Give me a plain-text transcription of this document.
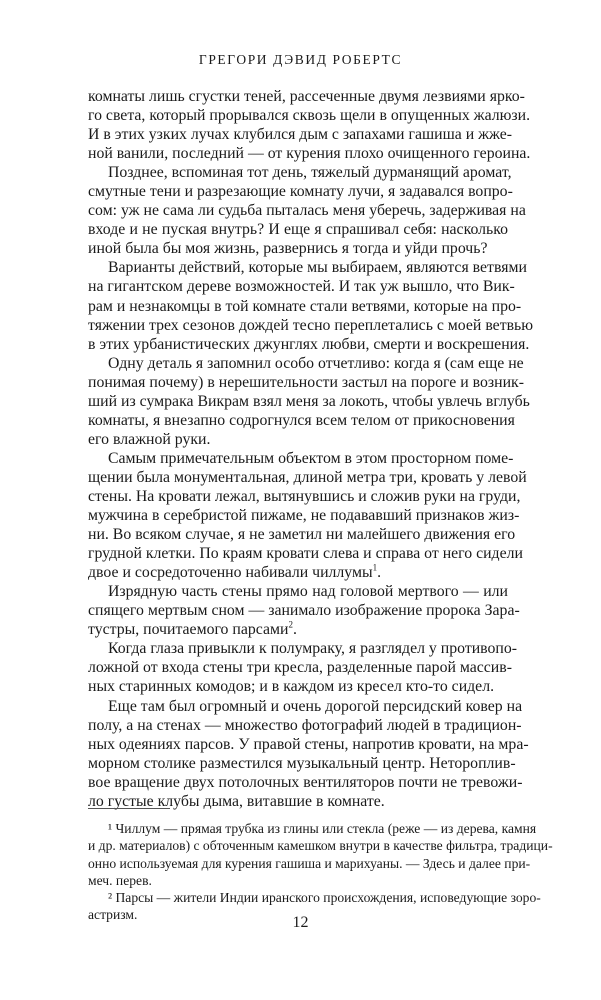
ГРЕГОРИ ДЭВИД РОБЕРТС
комнаты лишь сгустки теней, рассеченные двумя лезвиями ярко-
го света, который прорывался сквозь щели в опущенных жалюзи.
И в этих узких лучах клубился дым с запахами гашиша и жже-
ной ванили, последний — от курения плохо очищенного героина.
Позднее, вспоминая тот день, тяжелый дурманящий аромат,
смутные тени и разрезающие комнату лучи, я задавался вопро-
сом: уж не сама ли судьба пыталась меня уберечь, задерживая на
входе и не пуская внутрь? И еще я спрашивал себя: насколько
иной была бы моя жизнь, развернись я тогда и уйди прочь?
Варианты действий, которые мы выбираем, являются ветвями
на гигантском дереве возможностей. И так уж вышло, что Вик-
рам и незнакомцы в той комнате стали ветвями, которые на про-
тяжении трех сезонов дождей тесно переплетались с моей ветвью
в этих урбанистических джунглях любви, смерти и воскрешения.
Одну деталь я запомнил особо отчетливо: когда я (сам еще не
понимая почему) в нерешительности застыл на пороге и возник-
ший из сумрака Викрам взял меня за локоть, чтобы увлечь вглубь
комнаты, я внезапно содрогнулся всем телом от прикосновения
его влажной руки.
Самым примечательным объектом в этом просторном поме-
щении была монументальная, длиной метра три, кровать у левой
стены. На кровати лежал, вытянувшись и сложив руки на груди,
мужчина в серебристой пижаме, не подававший признаков жиз-
ни. Во всяком случае, я не заметил ни малейшего движения его
грудной клетки. По краям кровати слева и справа от него сидели
двое и сосредоточенно набивали чиллумы$^1$.
Изрядную часть стены прямо над головой мертвого — или
спящего мертвым сном — занимало изображение пророка Зара-
тустры, почитаемого парсами$^2$.
Когда глаза привыкли к полумраку, я разглядел у противопо-
ложной от входа стены три кресла, разделенные парой массив-
ных старинных комодов; и в каждом из кресел кто-то сидел.
Еще там был огромный и очень дорогой персидский ковер на
полу, а на стенах — множество фотографий людей в традицион-
ных одеяниях парсов. У правой стены, напротив кровати, на мра-
морном столике разместился музыкальный центр. Нетороплив-
вое вращение двух потолочных вентиляторов почти не тревожи-
ло густые клубы дыма, витавшие в комнате.
¹ Чиллум — прямая трубка из глины или стекла (реже — из дерева, камня
и др. материалов) с обточенным камешком внутри в качестве фильтра, традици-
онно используемая для курения гашиша и марихуаны. — Здесь и далее при-
меч. перев.
² Парсы — жители Индии иранского происхождения, исповедующие зоро-
астризм.	12
